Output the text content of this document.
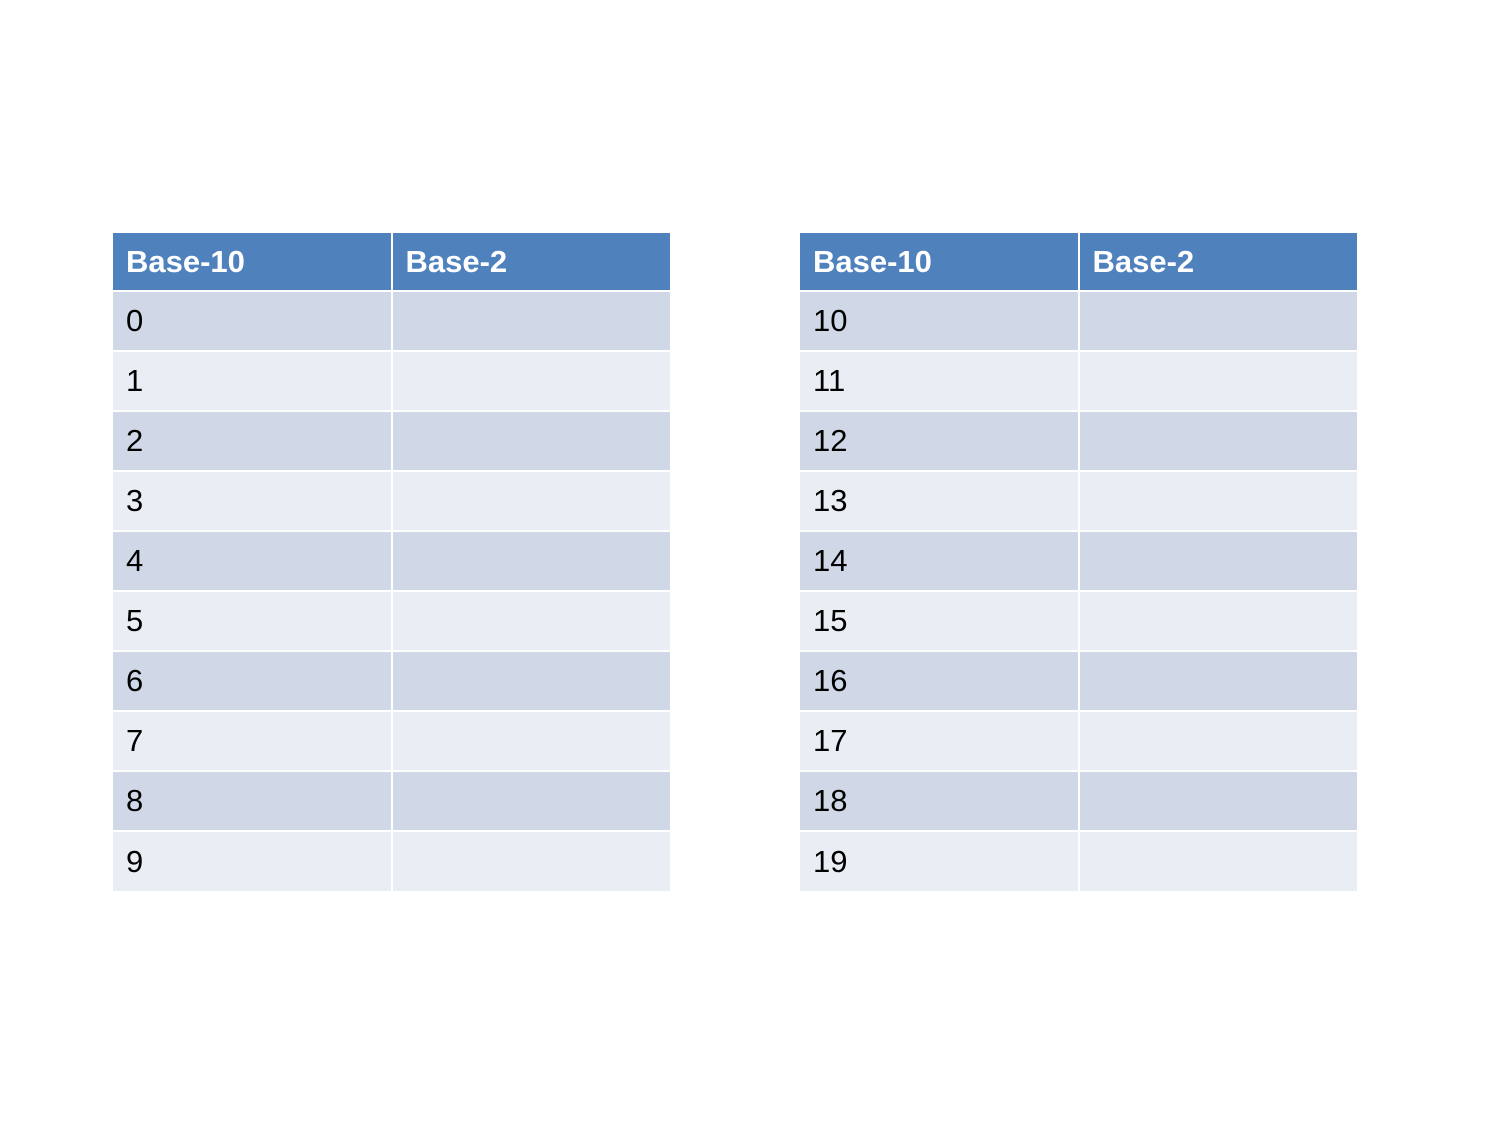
Base-10	Base-2
0	
1	
2	
3	
4	
5	
6	
7	
8	
9	
Base-10	Base-2
10	
11	
12	
13	
14	
15	
16	
17	
18	
19	
